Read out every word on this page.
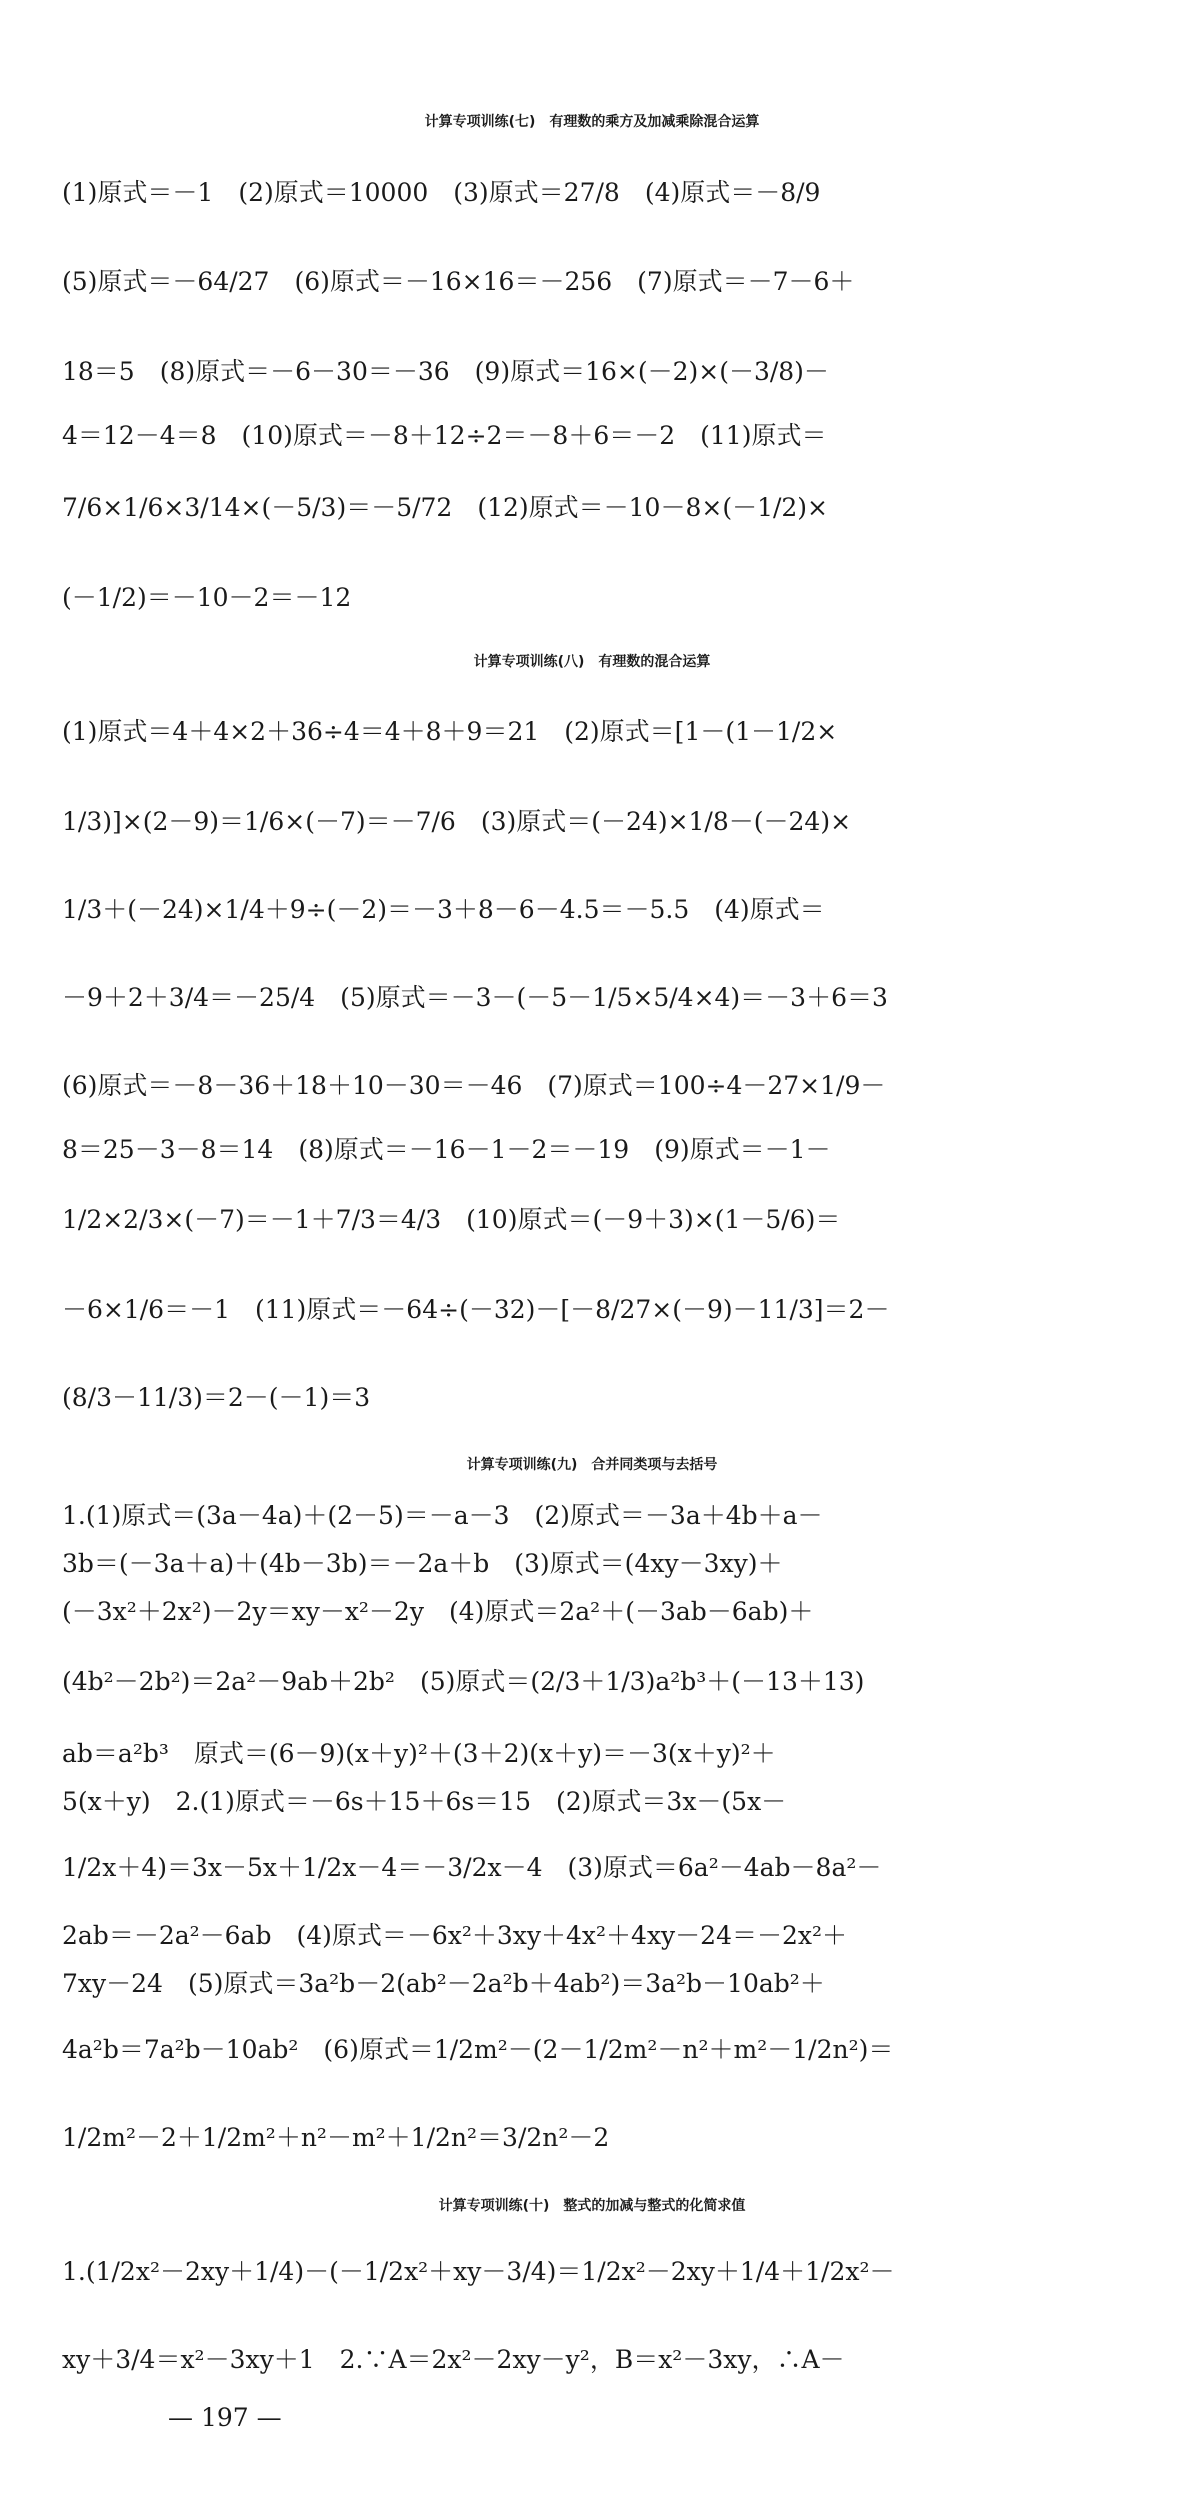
计算专项训练(七)　有理数的乘方及加减乘除混合运算
(1)原式＝－1　(2)原式＝10000　(3)原式＝27/8　(4)原式＝－8/9
(5)原式＝－64/27　(6)原式＝－16×16＝－256　(7)原式＝－7－6＋
18＝5　(8)原式＝－6－30＝－36　(9)原式＝16×(－2)×(－3/8)－
4＝12－4＝8　(10)原式＝－8＋12÷2＝－8＋6＝－2　(11)原式＝
7/6×1/6×3/14×(－5/3)＝－5/72　(12)原式＝－10－8×(－1/2)×
(－1/2)＝－10－2＝－12
计算专项训练(八)　有理数的混合运算
(1)原式＝4＋4×2＋36÷4＝4＋8＋9＝21　(2)原式＝[1－(1－1/2×
1/3)]×(2－9)＝1/6×(－7)＝－7/6　(3)原式＝(－24)×1/8－(－24)×
1/3＋(－24)×1/4＋9÷(－2)＝－3＋8－6－4.5＝－5.5　(4)原式＝
－9＋2＋3/4＝－25/4　(5)原式＝－3－(－5－1/5×5/4×4)＝－3＋6＝3
(6)原式＝－8－36＋18＋10－30＝－46　(7)原式＝100÷4－27×1/9－
8＝25－3－8＝14　(8)原式＝－16－1－2＝－19　(9)原式＝－1－
1/2×2/3×(－7)＝－1＋7/3＝4/3　(10)原式＝(－9＋3)×(1－5/6)＝
－6×1/6＝－1　(11)原式＝－64÷(－32)－[－8/27×(－9)－11/3]＝2－
(8/3－11/3)＝2－(－1)＝3
计算专项训练(九)　合并同类项与去括号
1.(1)原式＝(3a－4a)＋(2－5)＝－a－3　(2)原式＝－3a＋4b＋a－
3b＝(－3a＋a)＋(4b－3b)＝－2a＋b　(3)原式＝(4xy－3xy)＋
(－3x²＋2x²)－2y＝xy－x²－2y　(4)原式＝2a²＋(－3ab－6ab)＋
(4b²－2b²)＝2a²－9ab＋2b²　(5)原式＝(2/3＋1/3)a²b³＋(－13＋13)
ab＝a²b³　原式＝(6－9)(x＋y)²＋(3＋2)(x＋y)＝－3(x＋y)²＋
5(x＋y)　2.(1)原式＝－6s＋15＋6s＝15　(2)原式＝3x－(5x－
1/2x＋4)＝3x－5x＋1/2x－4＝－3/2x－4　(3)原式＝6a²－4ab－8a²－
2ab＝－2a²－6ab　(4)原式＝－6x²＋3xy＋4x²＋4xy－24＝－2x²＋
7xy－24　(5)原式＝3a²b－2(ab²－2a²b＋4ab²)＝3a²b－10ab²＋
4a²b＝7a²b－10ab²　(6)原式＝1/2m²－(2－1/2m²－n²＋m²－1/2n²)＝
1/2m²－2＋1/2m²＋n²－m²＋1/2n²＝3/2n²－2
计算专项训练(十)　整式的加减与整式的化简求值
1.(1/2x²－2xy＋1/4)－(－1/2x²＋xy－3/4)＝1/2x²－2xy＋1/4＋1/2x²－
xy＋3/4＝x²－3xy＋1　2.∵A＝2x²－2xy－y²，B＝x²－3xy，∴A－
— 197 —
